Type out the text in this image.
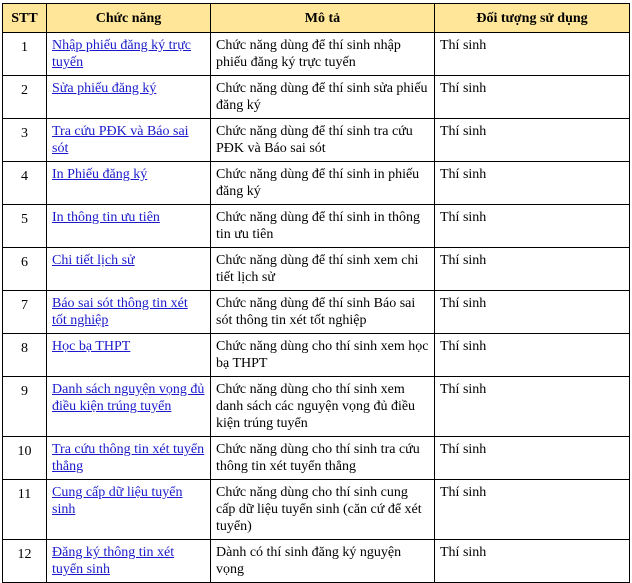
STT	Chức năng	Mô tả	Đối tượng sử dụng
1	Nhập phiếu đăng ký trực tuyến	Chức năng dùng để thí sinh nhập phiếu đăng ký trực tuyến	Thí sinh
2	Sửa phiếu đăng ký	Chức năng dùng để thí sinh sửa phiếu đăng ký	Thí sinh
3	Tra cứu PĐK và Báo sai sót	Chức năng dùng để thí sinh tra cứu PĐK và Báo sai sót	Thí sinh
4	In Phiếu đăng ký	Chức năng dùng để thí sinh in phiếu đăng ký	Thí sinh
5	In thông tin ưu tiên	Chức năng dùng để thí sinh in thông tin ưu tiên	Thí sinh
6	Chi tiết lịch sử	Chức năng dùng để thí sinh xem chi tiết lịch sử	Thí sinh
7	Báo sai sót thông tin xét tốt nghiệp	Chức năng dùng để thí sinh Báo sai sót thông tin xét tốt nghiệp	Thí sinh
8	Học bạ THPT	Chức năng dùng cho thí sinh xem học bạ THPT	Thí sinh
9	Danh sách nguyện vọng đủ điều kiện trúng tuyển	Chức năng dùng cho thí sinh xem danh sách các nguyện vọng đủ điều kiện trúng tuyển	Thí sinh
10	Tra cứu thông tin xét tuyển thẳng	Chức năng dùng cho thí sinh tra cứu thông tin xét tuyển thẳng	Thí sinh
11	Cung cấp dữ liệu tuyển sinh	Chức năng dùng cho thí sinh cung cấp dữ liệu tuyển sinh (căn cứ để xét tuyển)	Thí sinh
12	Đăng ký thông tin xét tuyển sinh	Dành có thí sinh đăng ký nguyện vọng	Thí sinh
